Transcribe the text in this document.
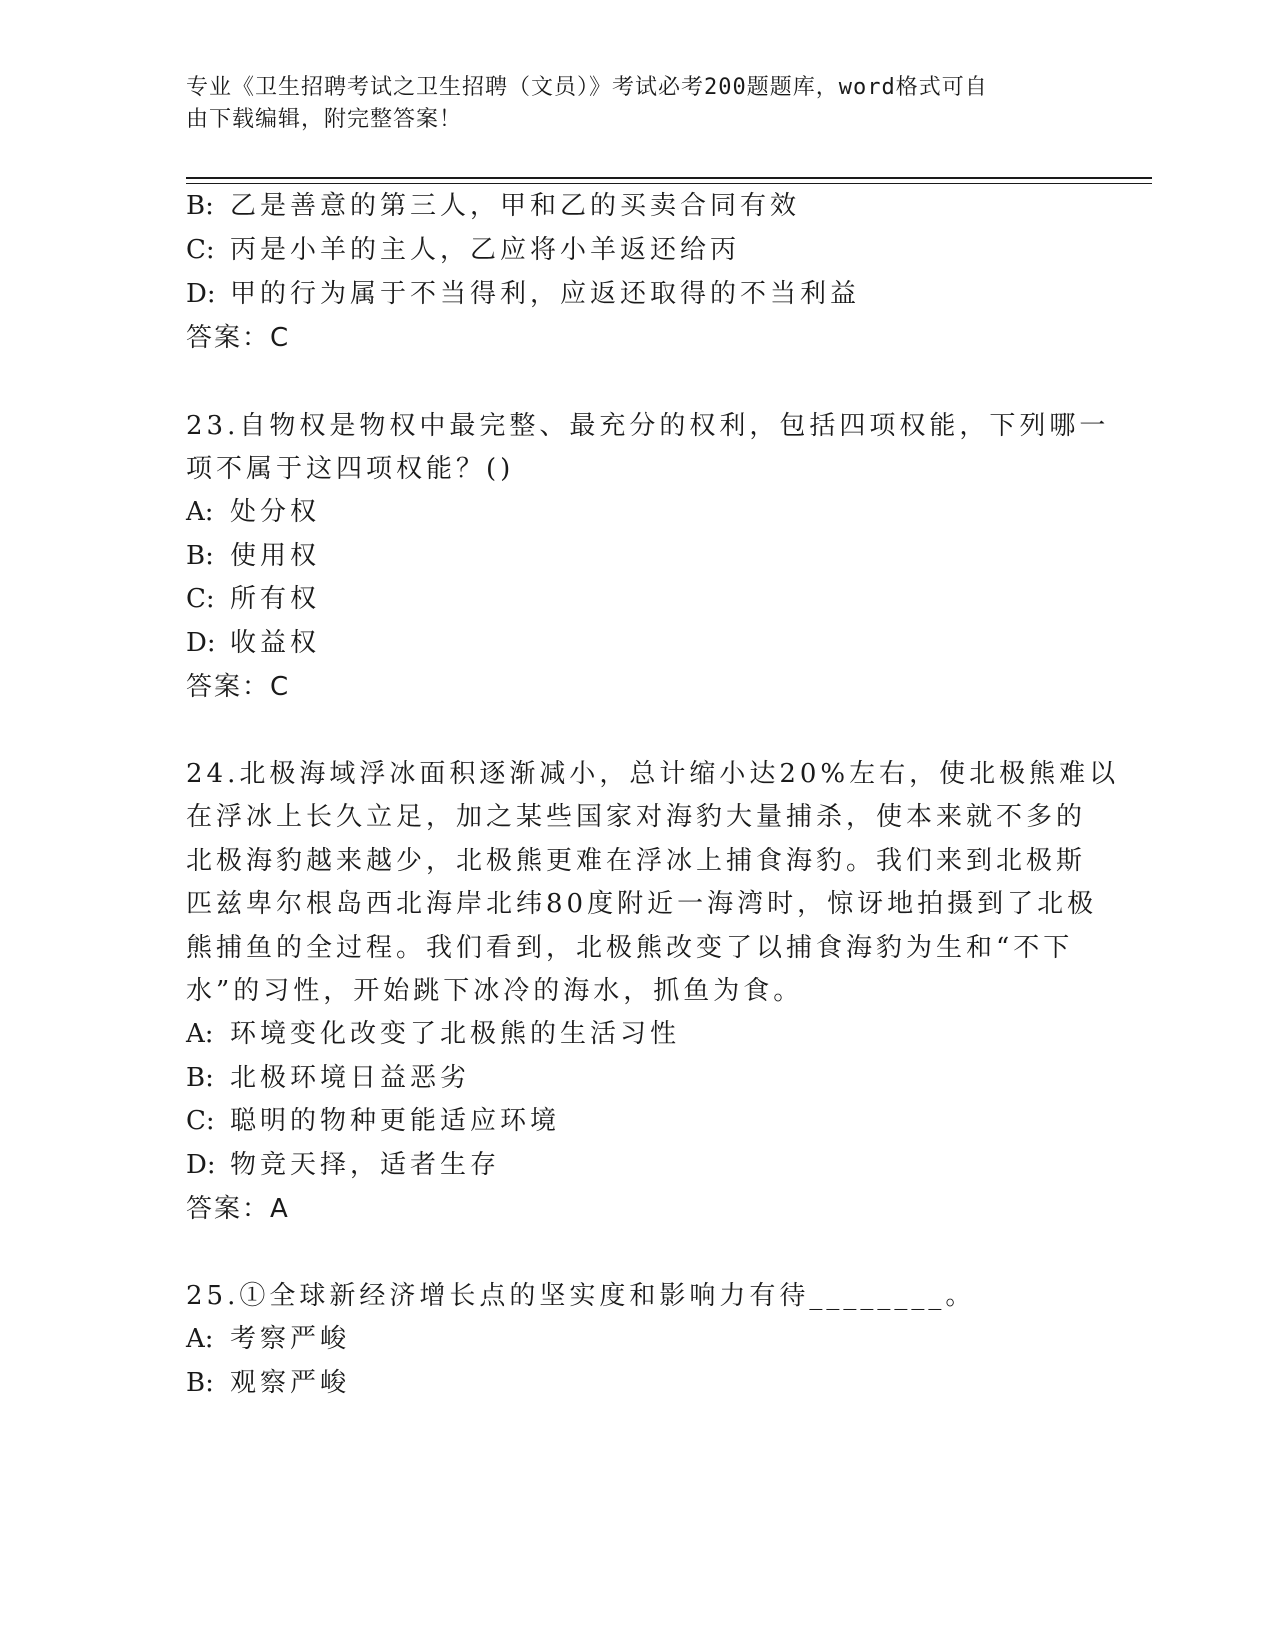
专业《卫生招聘考试之卫生招聘（文员）》考试必考200题题库，word格式可自
由下载编辑，附完整答案！
B: 乙是善意的第三人，甲和乙的买卖合同有效
C: 丙是小羊的主人，乙应将小羊返还给丙
D: 甲的行为属于不当得利，应返还取得的不当利益
答案：C
23.自物权是物权中最完整、最充分的权利，包括四项权能，下列哪一
项不属于这四项权能？()
A: 处分权
B: 使用权
C: 所有权
D: 收益权
答案：C
24.北极海域浮冰面积逐渐减小，总计缩小达20%左右，使北极熊难以
在浮冰上长久立足，加之某些国家对海豹大量捕杀，使本来就不多的
北极海豹越来越少，北极熊更难在浮冰上捕食海豹。我们来到北极斯
匹兹卑尔根岛西北海岸北纬80度附近一海湾时，惊讶地拍摄到了北极
熊捕鱼的全过程。我们看到，北极熊改变了以捕食海豹为生和“不下
水”的习性，开始跳下冰冷的海水，抓鱼为食。
A: 环境变化改变了北极熊的生活习性
B: 北极环境日益恶劣
C: 聪明的物种更能适应环境
D: 物竞天择，适者生存
答案：A
25.①全球新经济增长点的坚实度和影响力有待________。
A: 考察严峻
B: 观察严峻
